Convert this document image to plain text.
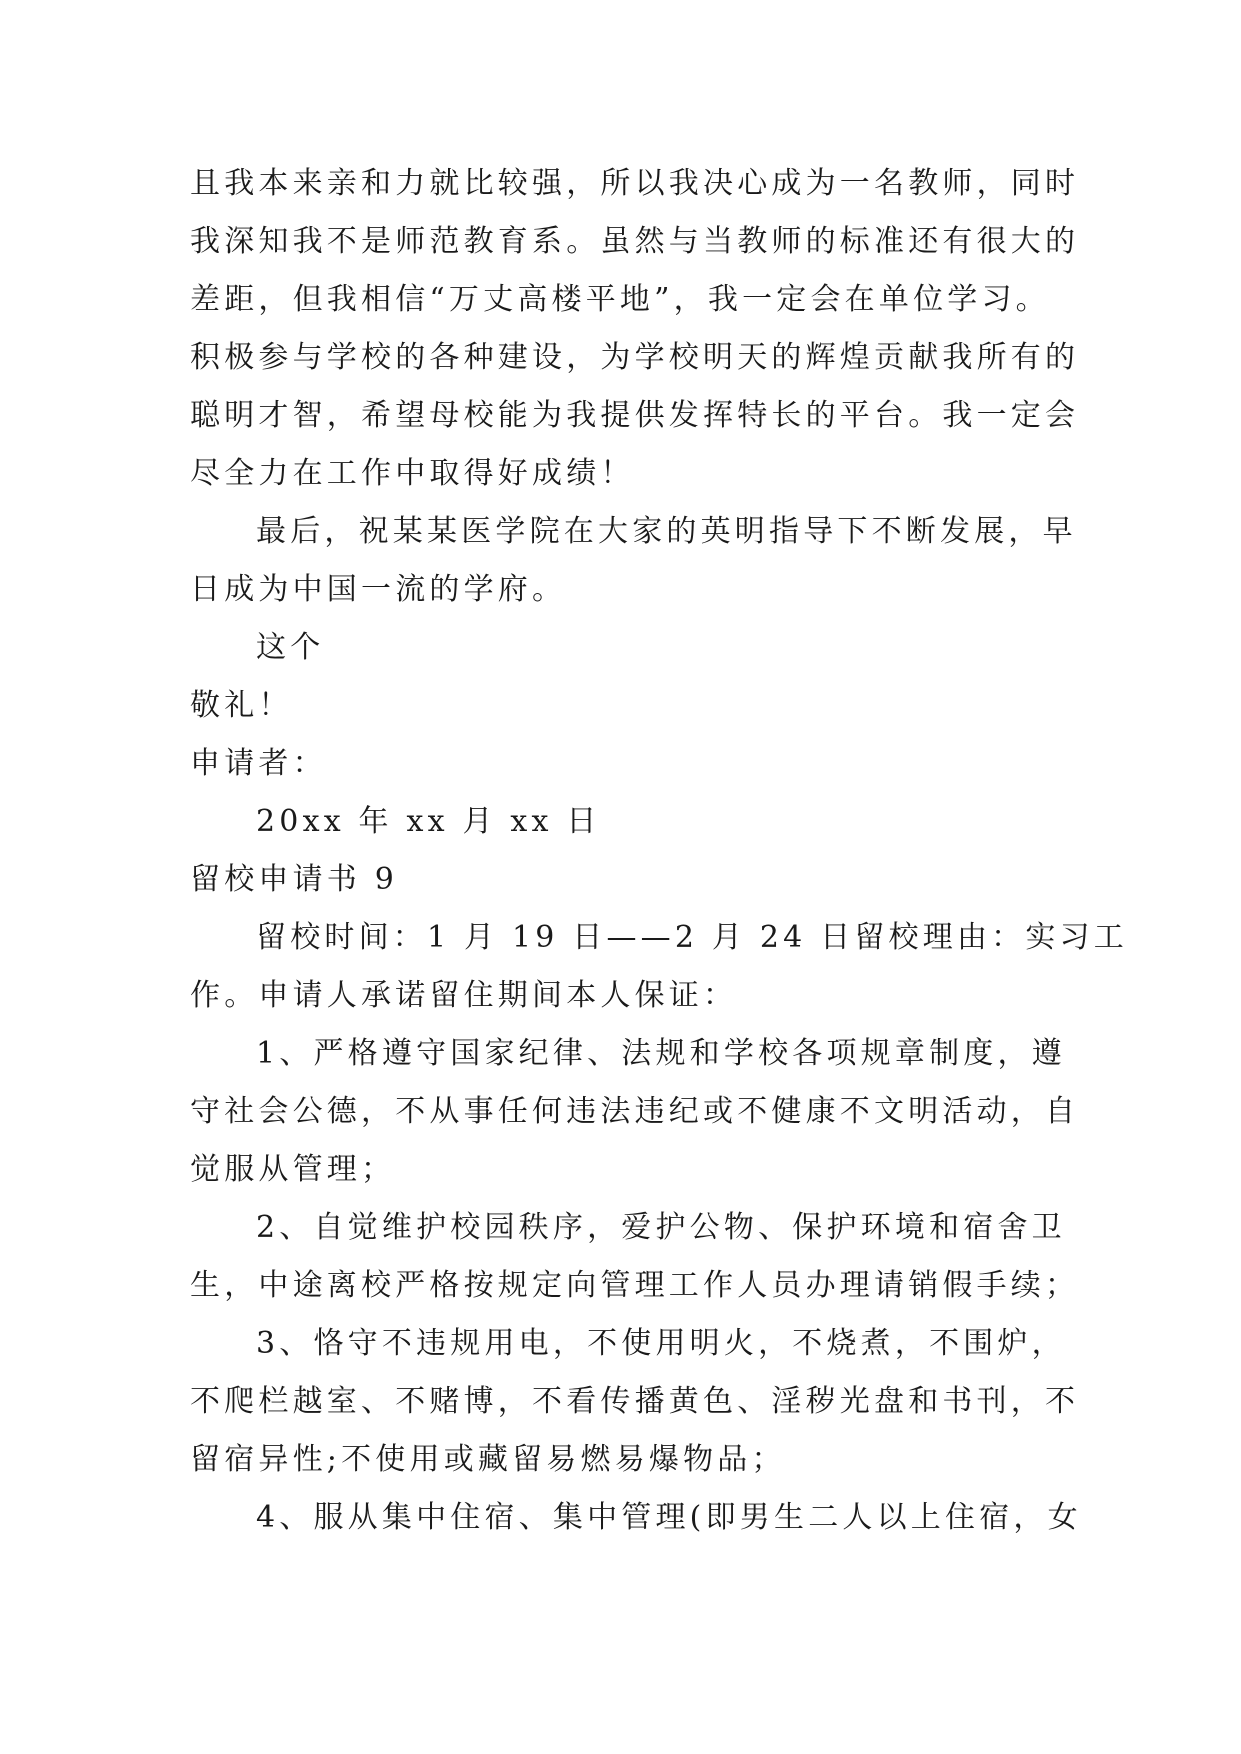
且我本来亲和力就比较强，所以我决心成为一名教师，同时
我深知我不是师范教育系。虽然与当教师的标准还有很大的
差距，但我相信“万丈高楼平地”，我一定会在单位学习。
积极参与学校的各种建设，为学校明天的辉煌贡献我所有的
聪明才智，希望母校能为我提供发挥特长的平台。我一定会
尽全力在工作中取得好成绩！
最后，祝某某医学院在大家的英明指导下不断发展，早
日成为中国一流的学府。
这个
敬礼！
申请者：
20xx 年 xx 月 xx 日
留校申请书 9
留校时间：1 月 19 日——2 月 24 日留校理由：实习工
作。申请人承诺留住期间本人保证：
1、严格遵守国家纪律、法规和学校各项规章制度，遵
守社会公德，不从事任何违法违纪或不健康不文明活动，自
觉服从管理；
2、自觉维护校园秩序，爱护公物、保护环境和宿舍卫
生，中途离校严格按规定向管理工作人员办理请销假手续；
3、恪守不违规用电，不使用明火，不烧煮，不围炉，
不爬栏越室、不赌博，不看传播黄色、淫秽光盘和书刊，不
留宿异性;不使用或藏留易燃易爆物品；
4、服从集中住宿、集中管理(即男生二人以上住宿，女
